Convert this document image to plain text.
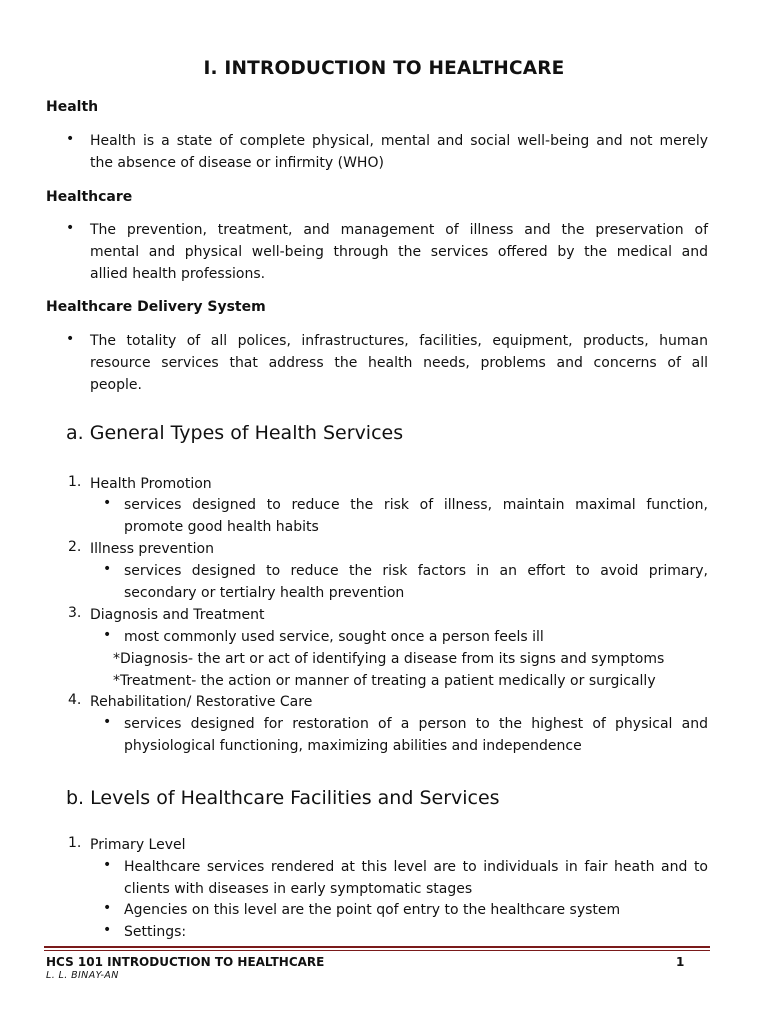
I. INTRODUCTION TO HEALTHCARE
Health
• Health is a state of complete physical, mental and social well-being and not merely
the absence of disease or infirmity (WHO)
Healthcare
• The prevention, treatment, and management of illness and the preservation of
mental and physical well-being through the services offered by the medical and
allied health professions.
Healthcare Delivery System
• The totality of all polices, infrastructures, facilities, equipment, products, human
resource services that address the health needs, problems and concerns of all
people.
a. General Types of Health Services
1. Health Promotion
• services designed to reduce the risk of illness, maintain maximal function,
promote good health habits
2. Illness prevention
• services designed to reduce the risk factors in an effort to avoid primary,
secondary or tertialry health prevention
3. Diagnosis and Treatment
• most commonly used service, sought once a person feels ill
*Diagnosis- the art or act of identifying a disease from its signs and symptoms
*Treatment- the action or manner of treating a patient medically or surgically
4. Rehabilitation/ Restorative Care
• services designed for restoration of a person to the highest of physical and
physiological functioning, maximizing abilities and independence
b. Levels of Healthcare Facilities and Services
1. Primary Level
• Healthcare services rendered at this level are to individuals in fair heath and to
clients with diseases in early symptomatic stages
• Agencies on this level are the point qof entry to the healthcare system
• Settings:
HCS 101 INTRODUCTION TO HEALTHCARE	1
L. L. BINAY-AN
